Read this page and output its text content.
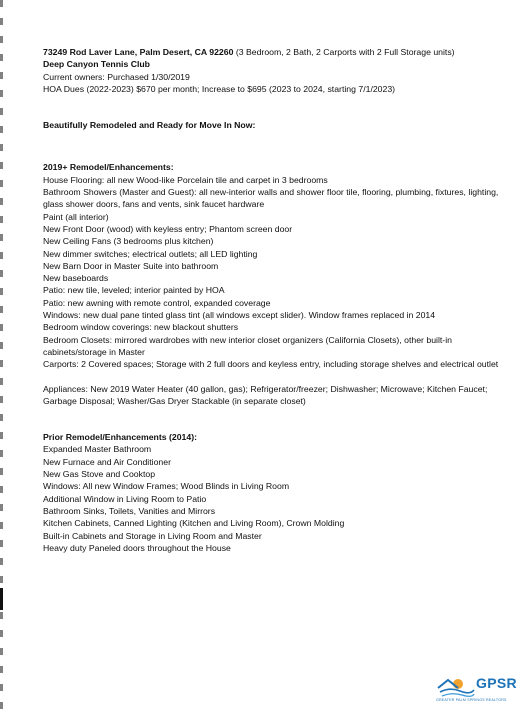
73249 Rod Laver Lane, Palm Desert, CA 92260 (3 Bedroom, 2 Bath, 2 Carports with 2 Full Storage units)

Deep Canyon Tennis Club

Current owners: Purchased 1/30/2019

HOA Dues (2022-2023) $670 per month; Increase to $695 (2023 to 2024, starting 7/1/2023)

Beautifully Remodeled and Ready for Move In Now:

2019+ Remodel/Enhancements:

House Flooring: all new Wood-like Porcelain tile and carpet in 3 bedrooms

Bathroom Showers (Master and Guest): all new-interior walls and shower floor tile, flooring, plumbing, fixtures, lighting, glass shower doors, fans and vents, sink faucet hardware

Paint (all interior)

New Front Door (wood) with keyless entry; Phantom screen door

New Ceiling Fans (3 bedrooms plus kitchen)

New dimmer switches; electrical outlets; all LED lighting

New Barn Door in Master Suite into bathroom

New baseboards

Patio: new tile, leveled; interior painted by HOA

Patio: new awning with remote control, expanded coverage

Windows: new dual pane tinted glass tint (all windows except slider). Window frames replaced in 2014

Bedroom window coverings: new blackout shutters

Bedroom Closets: mirrored wardrobes with new interior closet organizers (California Closets), other built-in cabinets/storage in Master

Carports: 2 Covered spaces; Storage with 2 full doors and keyless entry, including storage shelves and electrical outlet

Appliances: New 2019 Water Heater (40 gallon, gas); Refrigerator/freezer; Dishwasher; Microwave; Kitchen Faucet; Garbage Disposal; Washer/Gas Dryer Stackable (in separate closet)

Prior Remodel/Enhancements (2014):

Expanded Master Bathroom

New Furnace and Air Conditioner

New Gas Stove and Cooktop

Windows: All new Window Frames; Wood Blinds in Living Room

Additional Window in Living Room to Patio

Bathroom Sinks, Toilets, Vanities and Mirrors

Kitchen Cabinets, Canned Lighting (Kitchen and Living Room), Crown Molding

Built-in Cabinets and Storage in Living Room and Master

Heavy duty Paneled doors throughout the House

GPSR
GREATER PALM SPRINGS REALTORS
